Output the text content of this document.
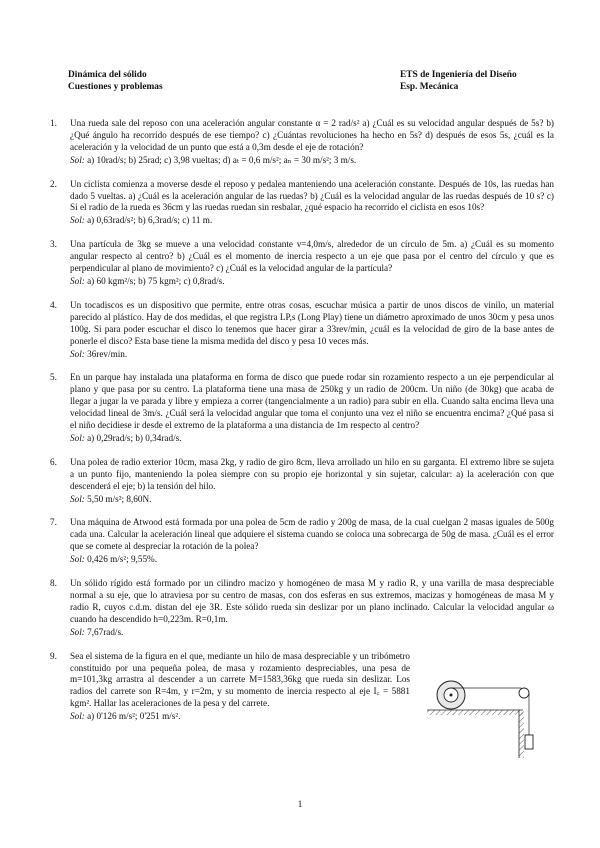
Dinámica del sólido
Cuestiones y problemas
ETS de Ingeniería del Diseño
Esp. Mecánica
1. Una rueda sale del reposo con una aceleración angular constante α = 2 rad/s² a) ¿Cuál es su velocidad angular después de 5s? b) ¿Qué ángulo ha recorrido después de ese tiempo? c) ¿Cuántas revoluciones ha hecho en 5s? d) después de esos 5s, ¿cuál es la aceleración y la velocidad de un punto que está a 0,3m desde el eje de rotación?
Sol: a) 10rad/s; b) 25rad; c) 3,98 vueltas; d) aₜ = 0,6 m/s²; aₙ = 30 m/s²; 3 m/s.
2. Un ciclista comienza a moverse desde el reposo y pedalea manteniendo una aceleración constante. Después de 10s, las ruedas han dado 5 vueltas. a) ¿Cuál es la aceleración angular de las ruedas? b) ¿Cuál es la velocidad angular de las ruedas después de 10 s? c) Si el radio de la rueda es 36cm y las ruedas ruedan sin resbalar, ¿qué espacio ha recorrido el ciclista en esos 10s?
Sol: a) 0,63rad/s²; b) 6,3rad/s; c) 11 m.
3. Una partícula de 3kg se mueve a una velocidad constante v=4,0m/s, alrededor de un círculo de 5m. a) ¿Cuál es su momento angular respecto al centro? b) ¿Cuál es el momento de inercia respecto a un eje que pasa por el centro del círculo y que es perpendicular al plano de movimiento? c) ¿Cuál es la velocidad angular de la partícula?
Sol: a) 60 kgm²/s; b) 75 kgm²; c) 0,8rad/s.
4. Un tocadiscos es un dispositivo que permite, entre otras cosas, escuchar música a partir de unos discos de vinilo, un material parecido al plástico. Hay de dos medidas, el que registra LP,s (Long Play) tiene un diámetro aproximado de unos 30cm y pesa unos 100g. Si para poder escuchar el disco lo tenemos que hacer girar a 33rev/min, ¿cuál es la velocidad de giro de la base antes de ponerle el disco? Esta base tiene la misma medida del disco y pesa 10 veces más.
Sol: 36rev/min.
5. En un parque hay instalada una plataforma en forma de disco que puede rodar sin rozamiento respecto a un eje perpendicular al plano y que pasa por su centro. La plataforma tiene una masa de 250kg y un radio de 200cm. Un niño (de 30kg) que acaba de llegar a jugar la ve parada y libre y empieza a correr (tangencialmente a un radio) para subir en ella. Cuando salta encima lleva una velocidad lineal de 3m/s. ¿Cuál será la velocidad angular que toma el conjunto una vez el niño se encuentra encima? ¿Qué pasa si el niño decidiese ir desde el extremo de la plataforma a una distancia de 1m respecto al centro?
Sol: a) 0,29rad/s; b) 0,34rad/s.
6. Una polea de radio exterior 10cm, masa 2kg, y radio de giro 8cm, lleva arrollado un hilo en su garganta. El extremo libre se sujeta a un punto fijo, manteniendo la polea siempre con su propio eje horizontal y sin sujetar, calcular: a) la aceleración con que descenderá el eje; b) la tensión del hilo.
Sol: 5,50 m/s²; 8,60N.
7. Una máquina de Atwood está formada por una polea de 5cm de radio y 200g de masa, de la cual cuelgan 2 masas iguales de 500g cada una. Calcular la aceleración lineal que adquiere el sistema cuando se coloca una sobrecarga de 50g de masa. ¿Cuál es el error que se comete al despreciar la rotación de la polea?
Sol: 0,426 m/s²; 9,55%.
8. Un sólido rígido está formado por un cilindro macizo y homogéneo de masa M y radio R, y una varilla de masa despreciable normal a su eje, que lo atraviesa por su centro de masas, con dos esferas en sus extremos, macizas y homogéneas de masa M y radio R, cuyos c.d.m. distan del eje 3R. Este sólido rueda sin deslizar por un plano inclinado. Calcular la velocidad angular ω cuando ha descendido h=0,223m. R=0,1m.
Sol: 7,67rad/s.
9. Sea el sistema de la figura en el que, mediante un hilo de masa despreciable y un tribómetro constituido por una pequeña polea, de masa y rozamiento despreciables, una pesa de m=101,3kg arrastra al descender a un carrete M=1583,36kg que rueda sin deslizar. Los radios del carrete son R=4m, y r=2m, y su momento de inercia respecto al eje I꜀ = 5881 kgm². Hallar las aceleraciones de la pesa y del carrete.
Sol: a) 0'126 m/s²; 0'251 m/s².
1
